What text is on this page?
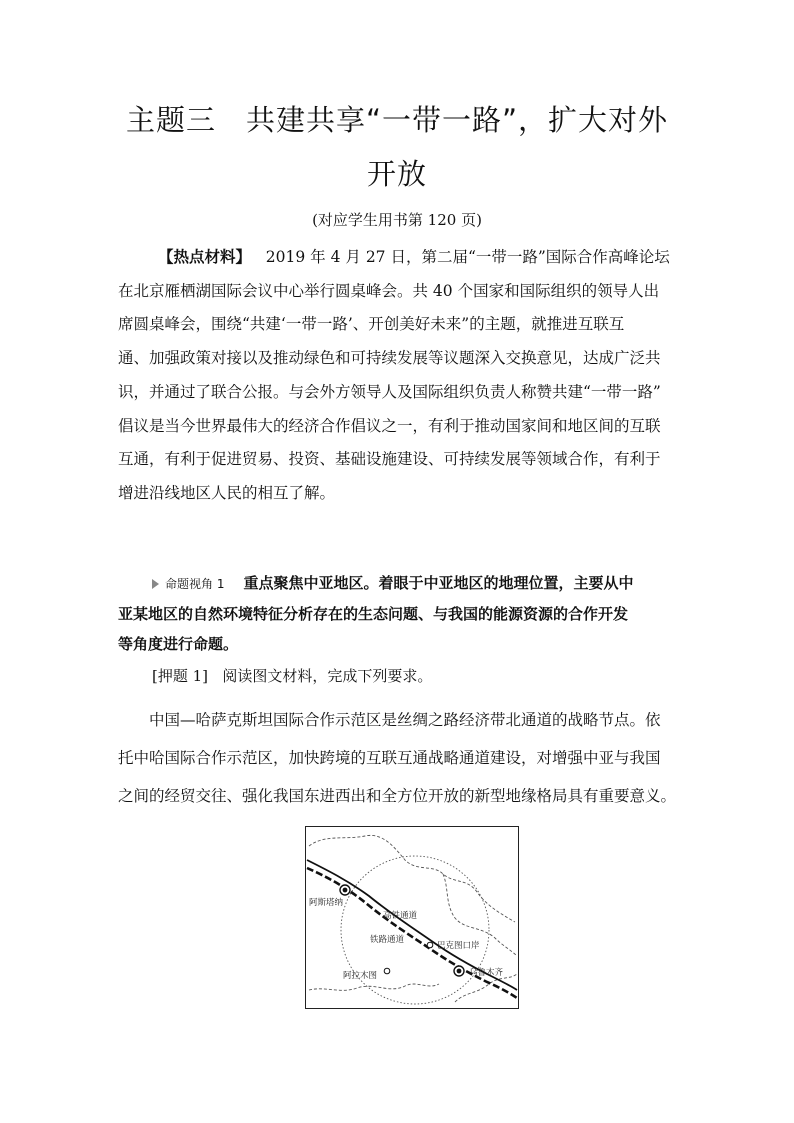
主题三　共建共享“一带一路”，扩大对外
开放
(对应学生用书第 120 页)
【热点材料】 2019 年 4 月 27 日，第二届“一带一路”国际合作高峰论坛
在北京雁栖湖国际会议中心举行圆桌峰会。共 40 个国家和国际组织的领导人出
席圆桌峰会，围绕“共建‘一带一路’、开创美好未来”的主题，就推进互联互
通、加强政策对接以及推动绿色和可持续发展等议题深入交换意见，达成广泛共
识，并通过了联合公报。与会外方领导人及国际组织负责人称赞共建“一带一路”
倡议是当今世界最伟大的经济合作倡议之一，有利于推动国家间和地区间的互联
互通，有利于促进贸易、投资、基础设施建设、可持续发展等领域合作，有利于
增进沿线地区人民的相互了解。
命题视角 1 重点聚焦中亚地区。着眼于中亚地区的地理位置，主要从中
亚某地区的自然环境特征分析存在的生态问题、与我国的能源资源的合作开发
等角度进行命题。
[押题 1] 阅读图文材料，完成下列要求。
中国—哈萨克斯坦国际合作示范区是丝绸之路经济带北通道的战略节点。依
托中哈国际合作示范区，加快跨境的互联互通战略通道建设，对增强中亚与我国
之间的经贸交往、强化我国东进西出和全方位开放的新型地缘格局具有重要意义。
阿斯塔纳
高铁通道
铁路通道
巴克图口岸
阿拉木图	乌鲁木齐
